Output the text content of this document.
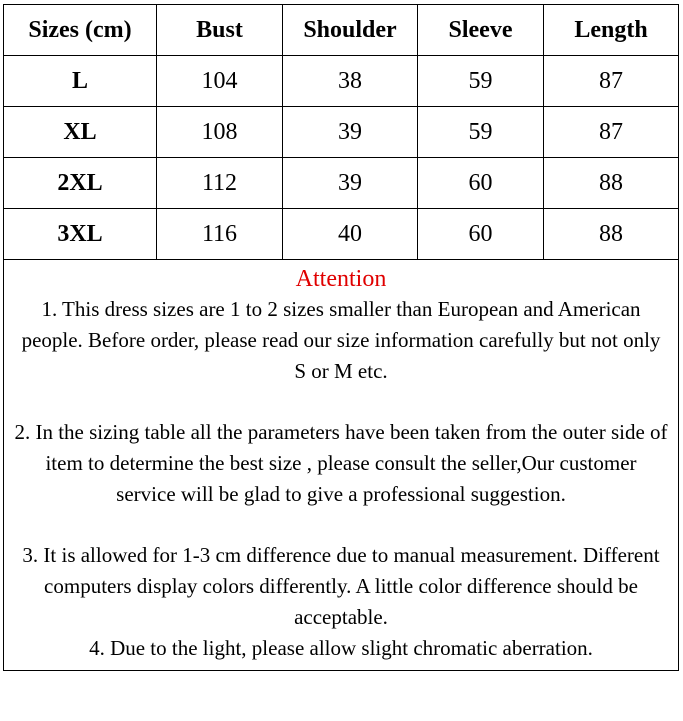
Sizes (cm)	Bust	Shoulder	Sleeve	Length
L	104	38	59	87
XL	108	39	59	87
2XL	112	39	60	88
3XL	116	40	60	88
Attention

1. This dress sizes are 1 to 2 sizes smaller than European and American people. Before order, please read our size information carefully but not only S or M etc.

2. In the sizing table all the parameters have been taken from the outer side of item to determine the best size , please consult the seller,Our customer service will be glad to give a professional suggestion.

3. It is allowed for 1-3 cm difference due to manual measurement. Different computers display colors differently. A little color difference should be acceptable.

4. Due to the light, please allow slight chromatic aberration.
